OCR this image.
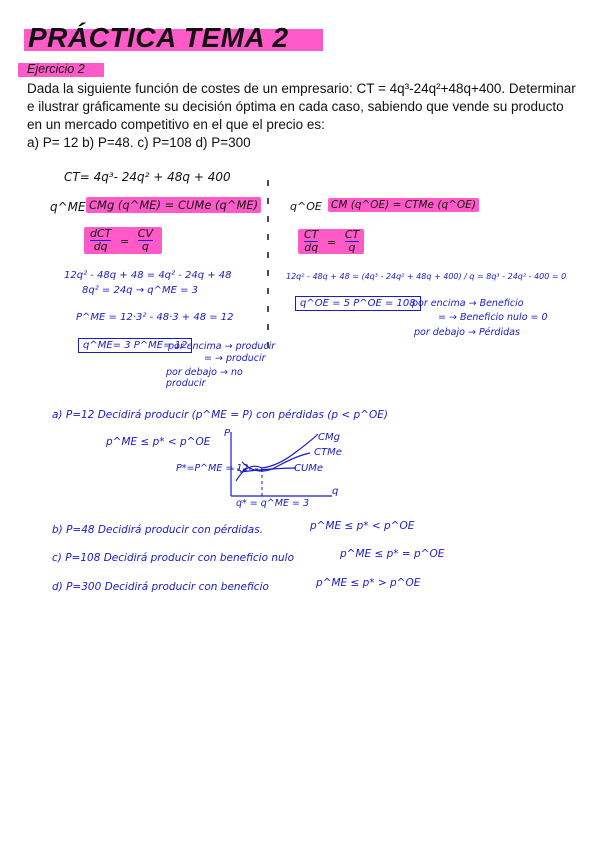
PRÁCTICA TEMA 2
Ejercicio 2
Dada la siguiente función de costes de un empresario: CT = 4q³-24q²+48q+400. Determinar
e ilustrar gráficamente su decisión óptima en cada caso, sabiendo que vende su producto
en un mercado competitivo en el que el precio es:
a) P= 12 b) P=48. c) P=108 d) P=300
CT= 4q³- 24q² + 48q + 400
q^ME CMg (q^ME) = CUMe (q^ME)
$\frac{\text{dCT}}{dq} = \frac{CV}{q}$
12q² - 48q + 48 = 4q² - 24q + 48
8q² = 24q → q^ME = 3
P^ME = 12·3² - 48·3 + 48 = 12
q^ME= 3 P^ME= 12
por encima → producir
= → producir
por debajo → no producir
q^OE CM (q^OE) = CTMe (q^OE)
$\frac{CT}{dq} = \frac{CT}{q}$
12q² - 48q + 48 = (4q³ - 24q² + 48q + 400) / q = 8q³ - 24q² - 400 = 0
q^OE = 5 P^OE = 108
por encima → Beneficio
= → Beneficio nulo = 0
por debajo → Pérdidas
a) P=12 Decidirá producir (p^ME = P) con pérdidas (p < p^OE)
p^ME ≤ p* < p^OE
P
q
CMg
CTMe
CUMe
P*=P^ME = 12
q* = q^ME = 3
b) P=48 Decidirá producir con pérdidas.	p^ME ≤ p* < p^OE
c) P=108 Decidirá producir con beneficio nulo	p^ME ≤ p* = p^OE
d) P=300 Decidirá producir con beneficio	p^ME ≤ p* > p^OE
